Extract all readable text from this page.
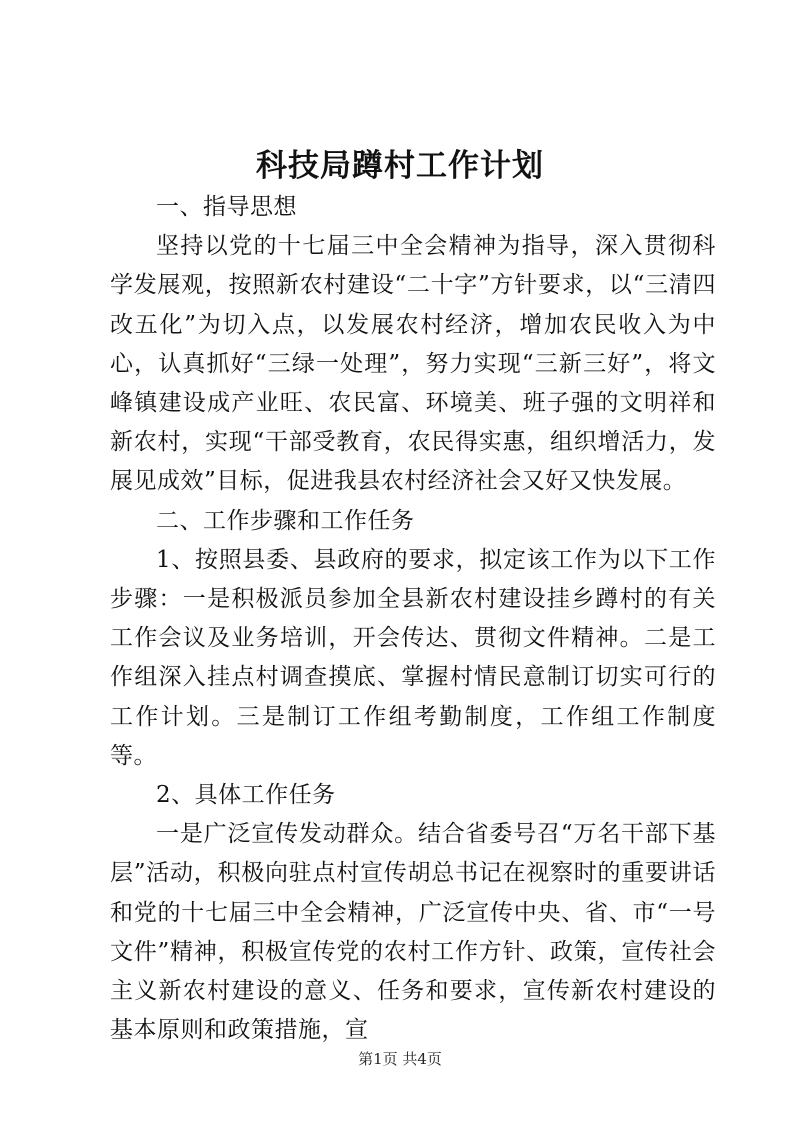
科技局蹲村工作计划

一、指导思想

坚持以党的十七届三中全会精神为指导，深入贯彻科学发展观，按照新农村建设“二十字”方针要求，以“三清四改五化”为切入点，以发展农村经济，增加农民收入为中心，认真抓好“三绿一处理”，努力实现“三新三好”，将文峰镇建设成产业旺、农民富、环境美、班子强的文明祥和新农村，实现“干部受教育，农民得实惠，组织增活力，发展见成效”目标，促进我县农村经济社会又好又快发展。

二、工作步骤和工作任务

1、按照县委、县政府的要求，拟定该工作为以下工作步骤：一是积极派员参加全县新农村建设挂乡蹲村的有关工作会议及业务培训，开会传达、贯彻文件精神。二是工作组深入挂点村调查摸底、掌握村情民意制订切实可行的工作计划。三是制订工作组考勤制度，工作组工作制度等。

2、具体工作任务

一是广泛宣传发动群众。结合省委号召“万名干部下基层”活动，积极向驻点村宣传胡总书记在视察时的重要讲话和党的十七届三中全会精神，广泛宣传中央、省、市“一号文件”精神，积极宣传党的农村工作方针、政策，宣传社会主义新农村建设的意义、任务和要求，宣传新农村建设的基本原则和政策措施，宣

第1页 共4页
